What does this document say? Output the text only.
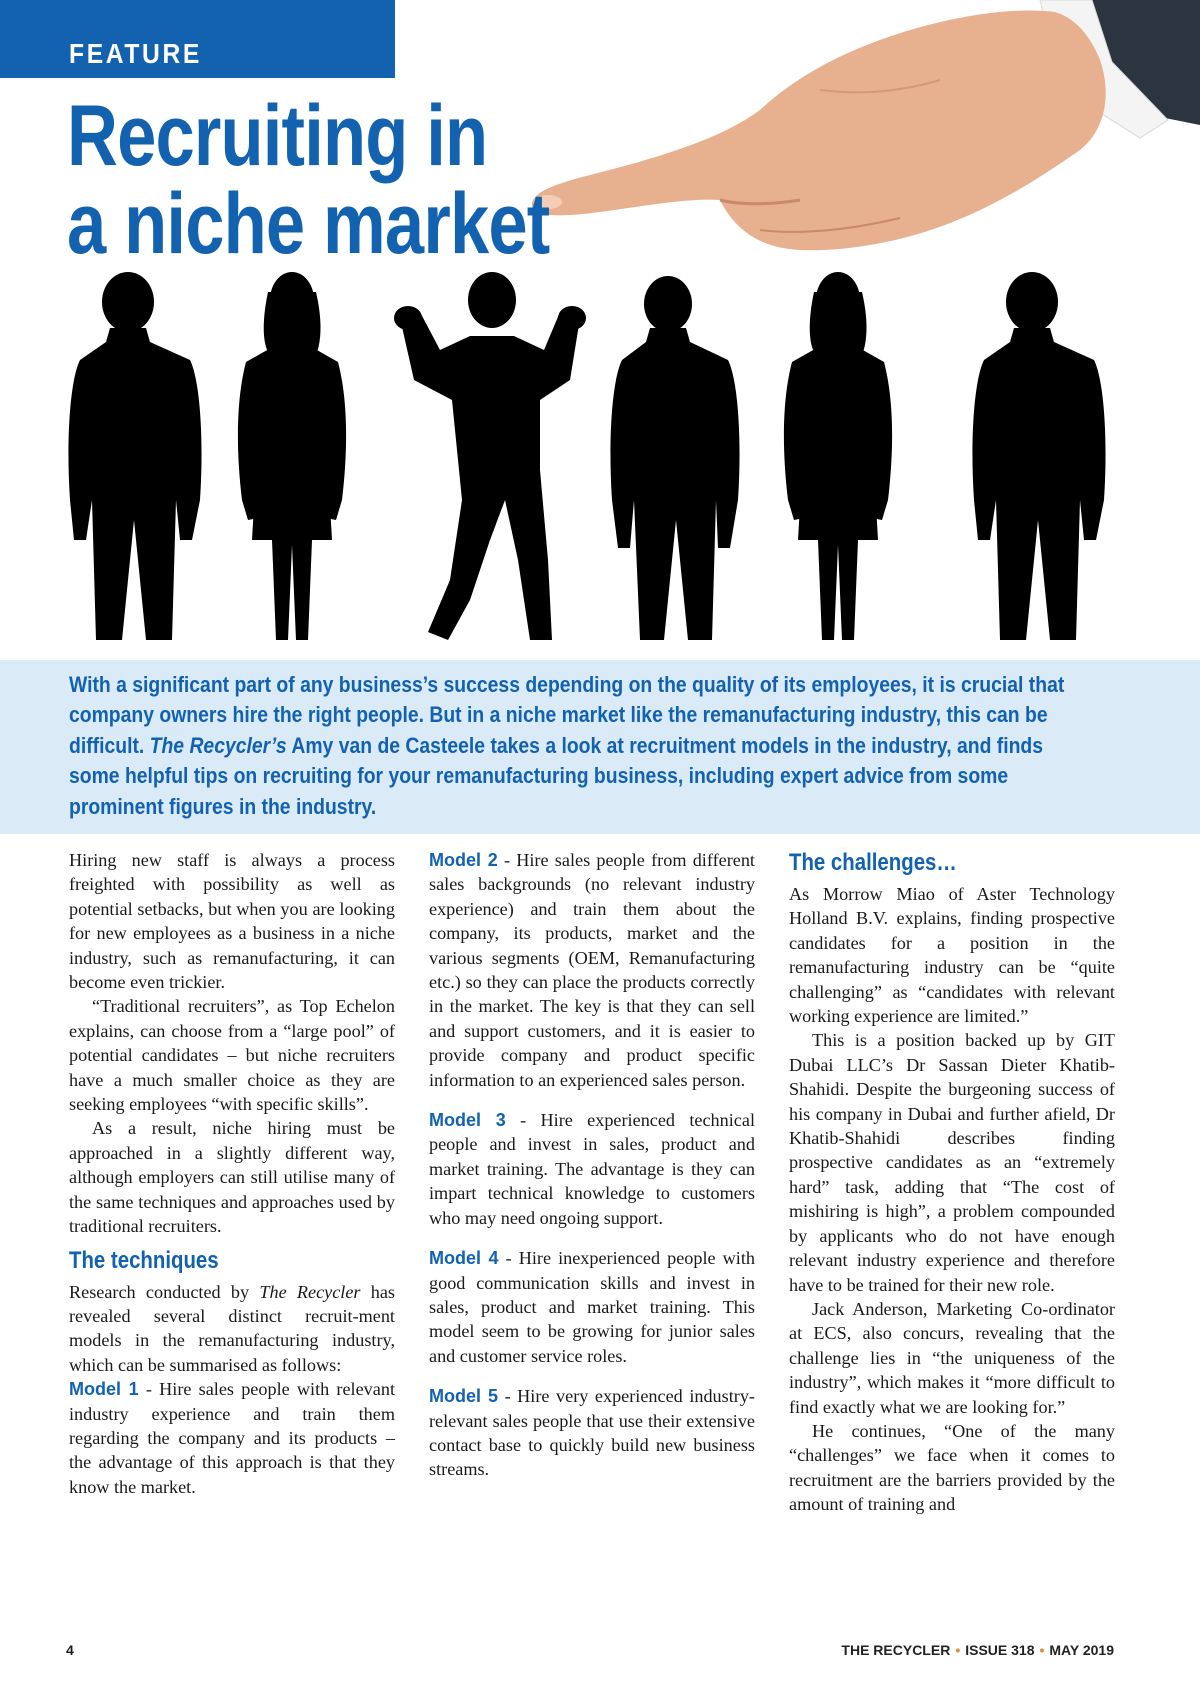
FEATURE
Recruiting in
a niche market

With a significant part of any business’s success depending on the quality of its employees, it is crucial that company owners hire the right people. But in a niche market like the remanufacturing industry, this can be difficult. The Recycler’s Amy van de Casteele takes a look at recruitment models in the industry, and finds some helpful tips on recruiting for your remanufacturing business, including expert advice from some prominent figures in the industry.

Hiring new staff is always a process freighted with possibility as well as potential setbacks, but when you are looking for new employees as a business in a niche industry, such as remanufacturing, it can become even trickier.

“Traditional recruiters”, as Top Echelon explains, can choose from a “large pool” of potential candidates – but niche recruiters have a much smaller choice as they are seeking employees “with specific skills”.

As a result, niche hiring must be approached in a slightly different way, although employers can still utilise many of the same techniques and approaches used by traditional recruiters.

The techniques

Research conducted by The Recycler has revealed several distinct recruit-ment models in the remanufacturing industry, which can be summarised as follows:

Model 1 - Hire sales people with relevant industry experience and train them regarding the company and its products – the advantage of this approach is that they know the market.

Model 2 - Hire sales people from different sales backgrounds (no relevant industry experience) and train them about the company, its products, market and the various segments (OEM, Remanufacturing etc.) so they can place the products correctly in the market. The key is that they can sell and support customers, and it is easier to provide company and product specific information to an experienced sales person.

Model 3 - Hire experienced technical people and invest in sales, product and market training. The advantage is they can impart technical knowledge to customers who may need ongoing support.

Model 4 - Hire inexperienced people with good communication skills and invest in sales, product and market training. This model seem to be growing for junior sales and customer service roles.

Model 5 - Hire very experienced industry-relevant sales people that use their extensive contact base to quickly build new business streams.

The challenges…

As Morrow Miao of Aster Technology Holland B.V. explains, finding prospective candidates for a position in the remanufacturing industry can be “quite challenging” as “candidates with relevant working experience are limited.”

This is a position backed up by GIT Dubai LLC’s Dr Sassan Dieter Khatib-Shahidi. Despite the burgeoning success of his company in Dubai and further afield, Dr Khatib-Shahidi describes finding prospective candidates as an “extremely hard” task, adding that “The cost of mishiring is high”, a problem compounded by applicants who do not have enough relevant industry experience and therefore have to be trained for their new role.

Jack Anderson, Marketing Co-ordinator at ECS, also concurs, revealing that the challenge lies in “the uniqueness of the industry”, which makes it “more difficult to find exactly what we are looking for.”

He continues, “One of the many “challenges” we face when it comes to recruitment are the barriers provided by the amount of training and

4	THE RECYCLER • ISSUE 318 • MAY 2019
